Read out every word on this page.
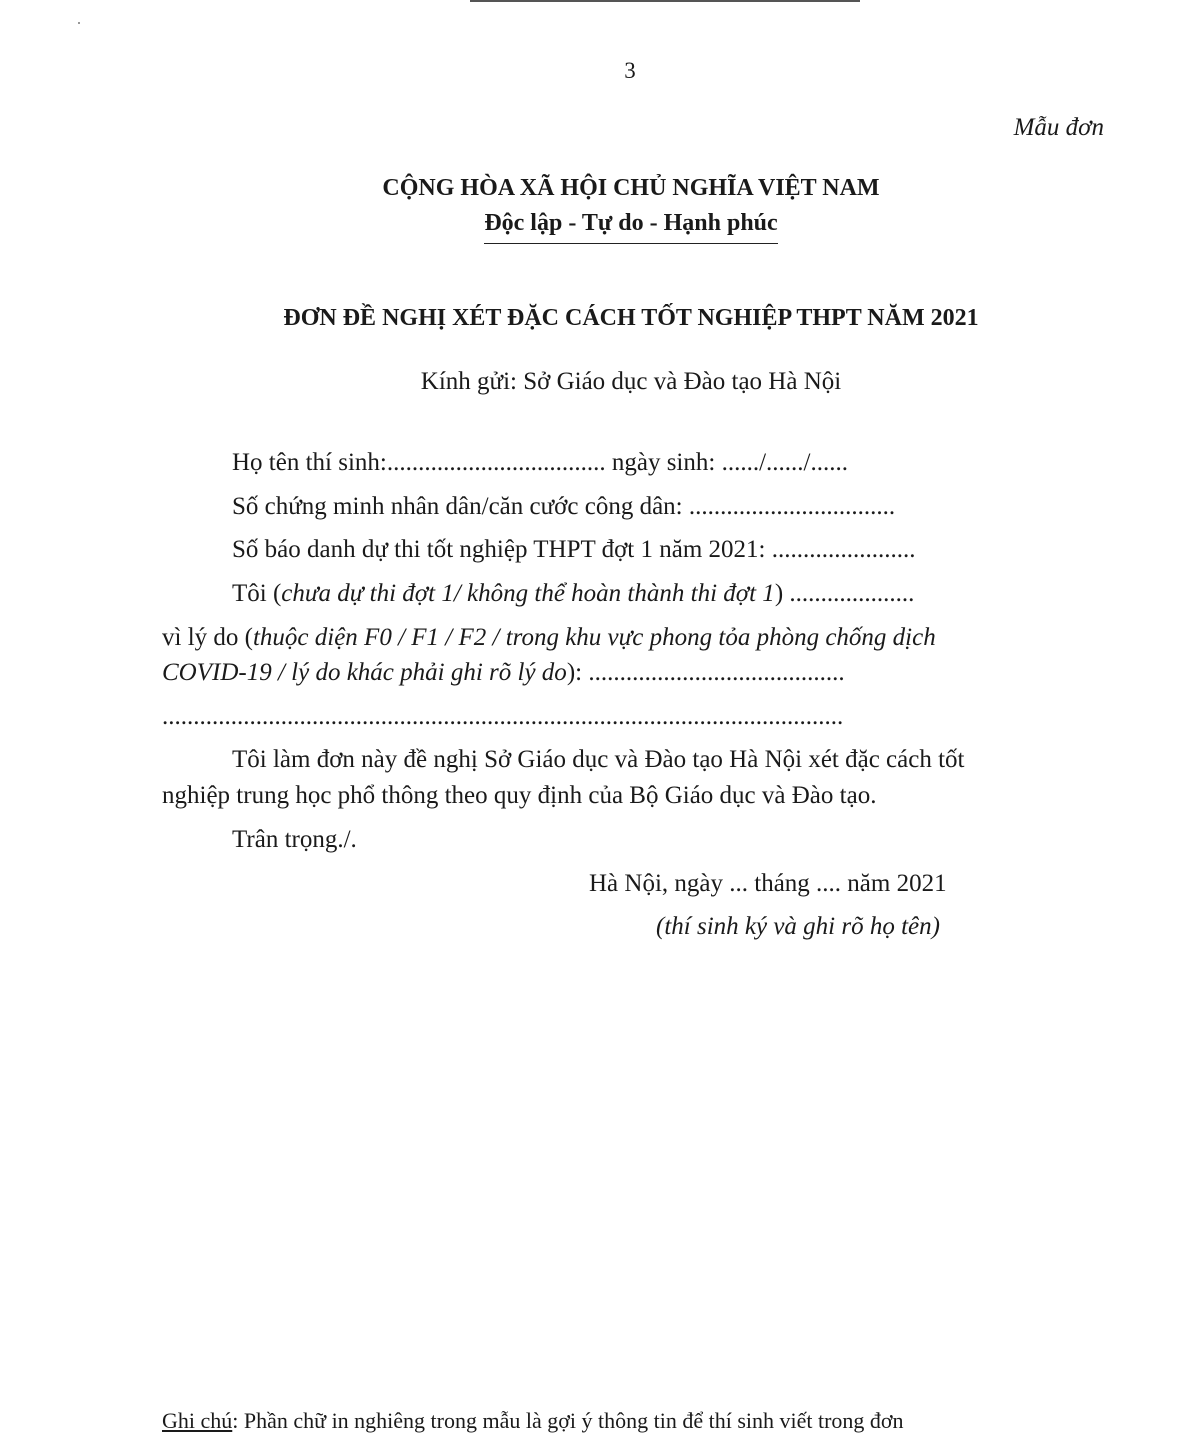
3
Mẫu đơn
CỘNG HÒA XÃ HỘI CHỦ NGHĨA VIỆT NAM
Độc lập - Tự do - Hạnh phúc
ĐƠN ĐỀ NGHỊ XÉT ĐẶC CÁCH TỐT NGHIỆP THPT NĂM 2021
Kính gửi: Sở Giáo dục và Đào tạo Hà Nội
Họ tên thí sinh:................................... ngày sinh: ....../....../......
Số chứng minh nhân dân/căn cước công dân: .................................
Số báo danh dự thi tốt nghiệp THPT đợt 1 năm 2021: .......................
Tôi (chưa dự thi đợt 1/ không thể hoàn thành thi đợt 1) ....................
vì lý do (thuộc diện F0 / F1 / F2 / trong khu vực phong tỏa phòng chống dịch
COVID-19 / lý do khác phải ghi rõ lý do): .........................................
.............................................................................................................
Tôi làm đơn này đề nghị Sở Giáo dục và Đào tạo Hà Nội xét đặc cách tốt
nghiệp trung học phổ thông theo quy định của Bộ Giáo dục và Đào tạo.
Trân trọng./.
Hà Nội, ngày ... tháng .... năm 2021
(thí sinh ký và ghi rõ họ tên)
Ghi chú: Phần chữ in nghiêng trong mẫu là gợi ý thông tin để thí sinh viết trong đơn
